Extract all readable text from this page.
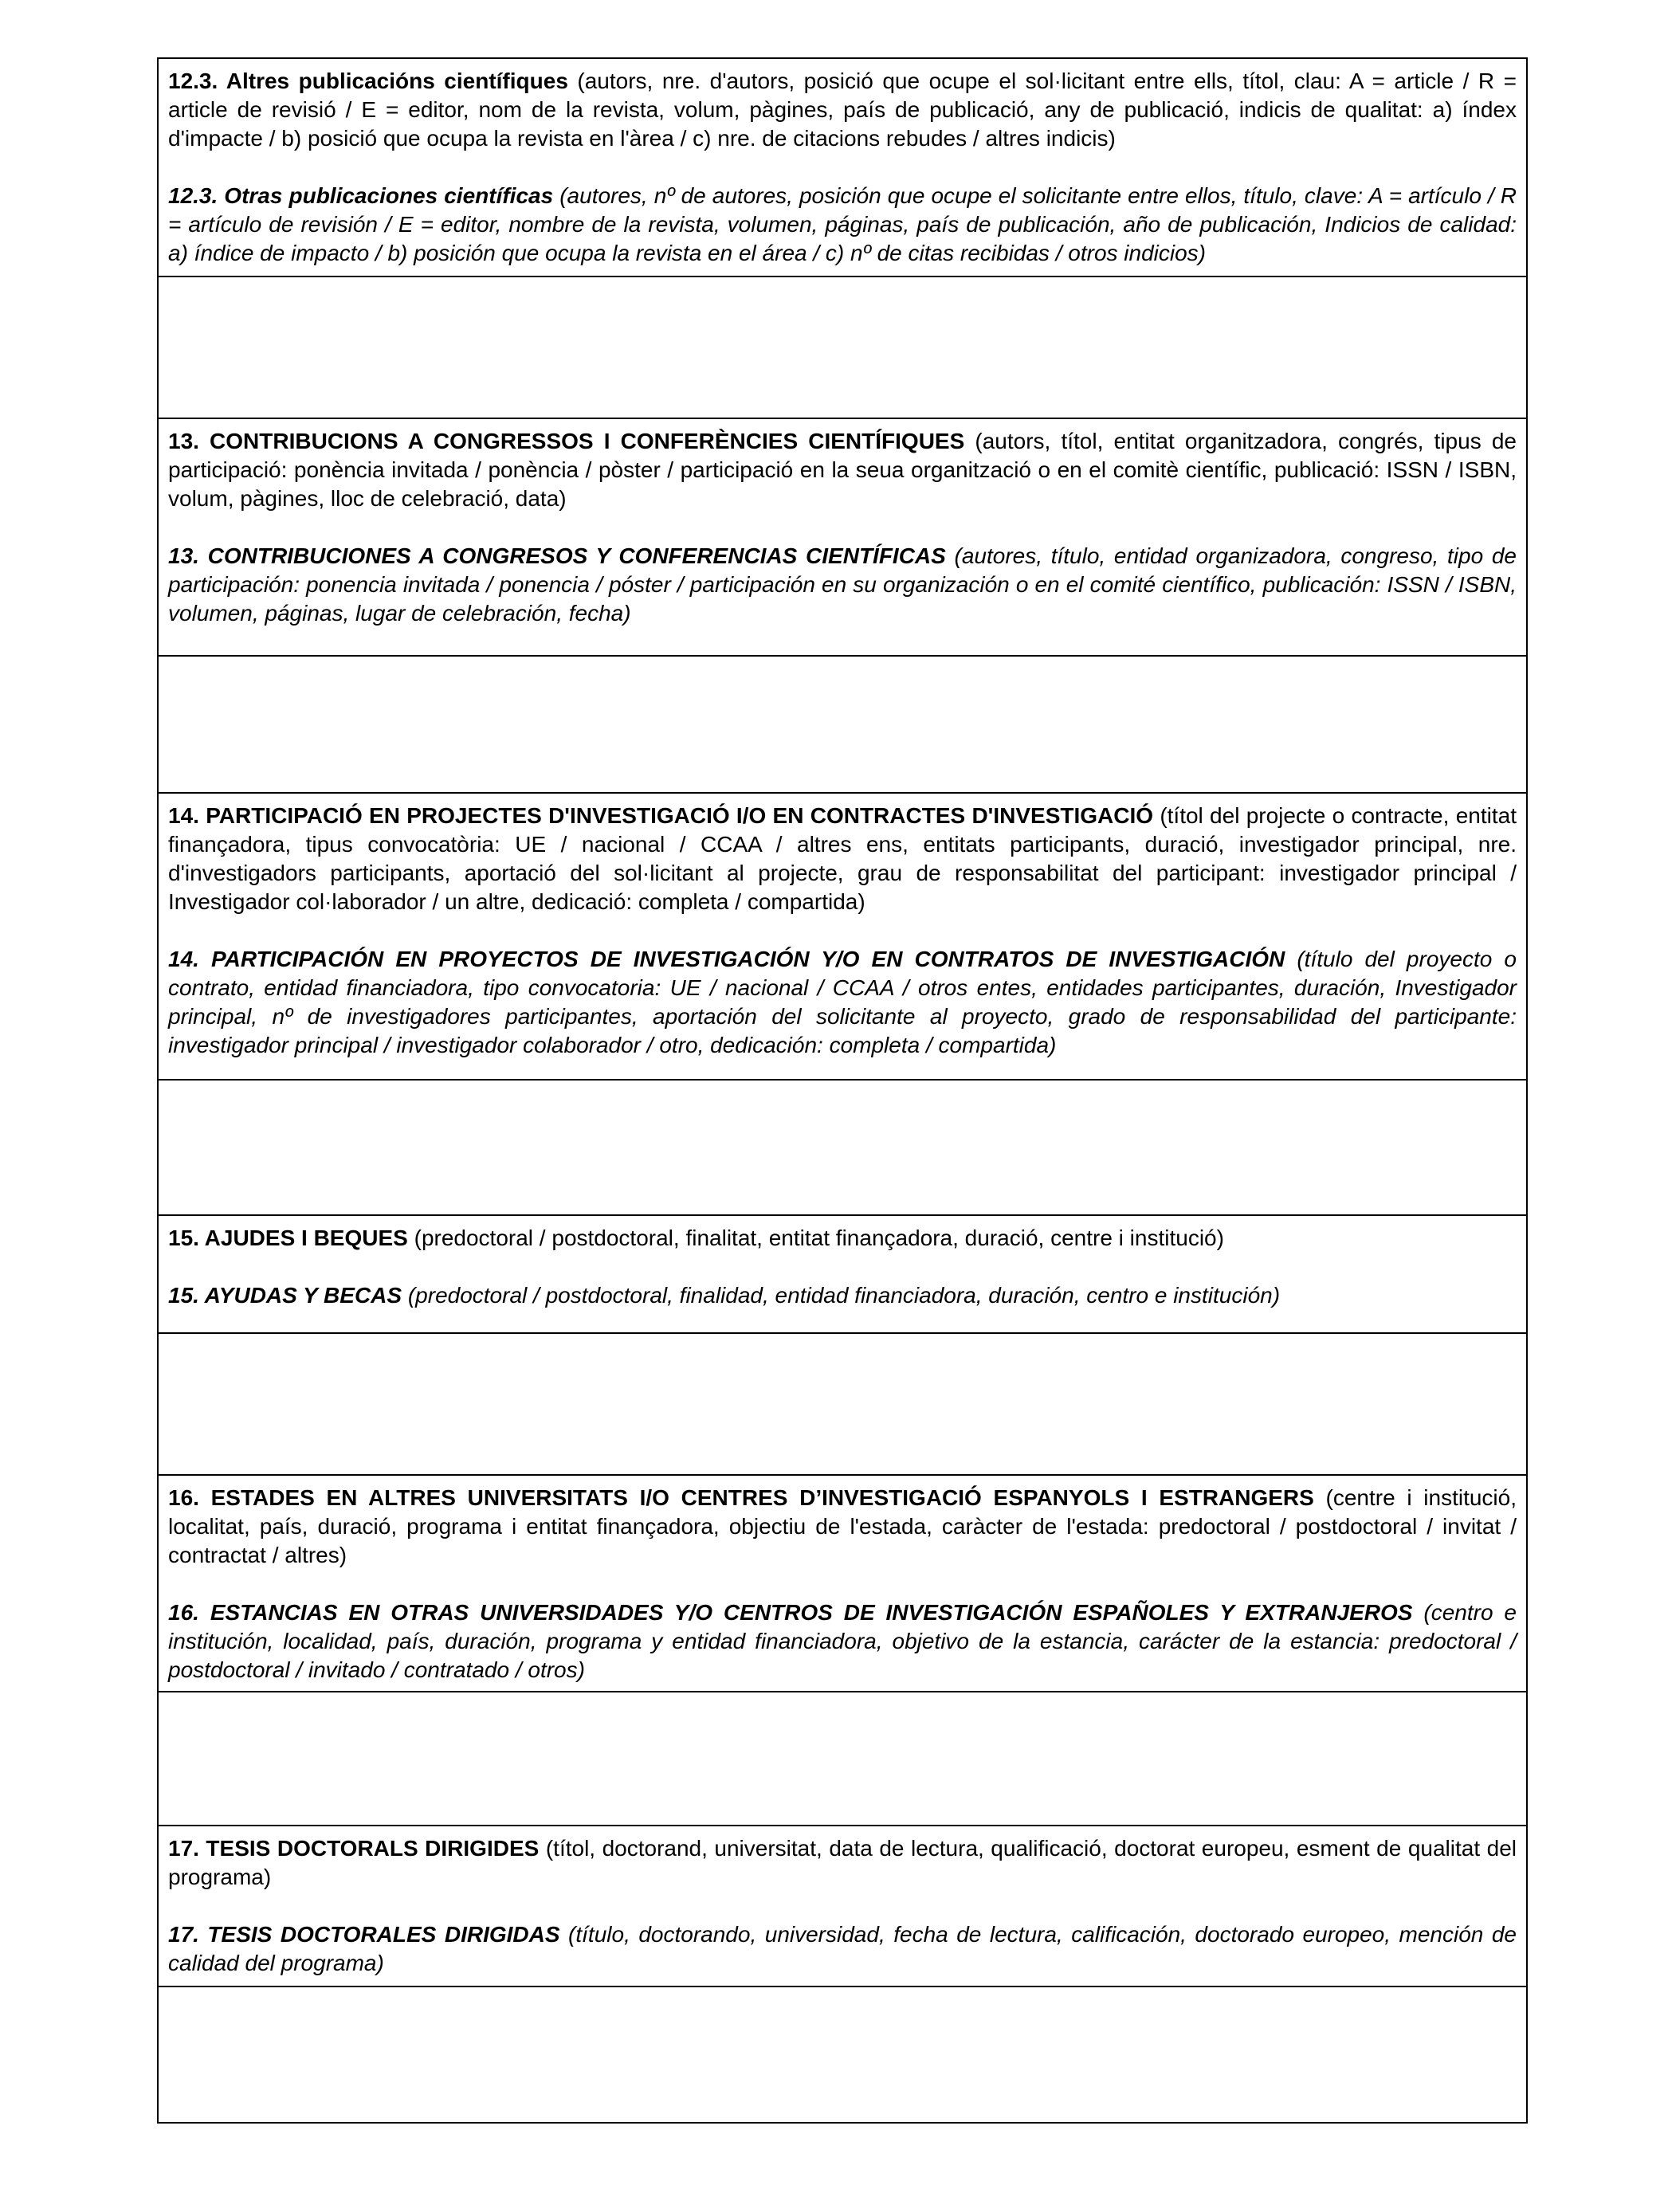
12.3. Altres publicacións científiques (autors, nre. d'autors, posició que ocupe el sol·licitant entre ells, títol, clau: A = article / R = article de revisió / E = editor, nom de la revista, volum, pàgines, país de publicació, any de publicació, indicis de qualitat: a) índex d'impacte / b) posició que ocupa la revista en l'àrea / c) nre. de citacions rebudes / altres indicis)

12.3. Otras publicaciones científicas (autores, nº de autores, posición que ocupe el solicitante entre ellos, título, clave: A = artículo / R = artículo de revisión / E = editor, nombre de la revista, volumen, páginas, país de publicación, año de publicación, Indicios de calidad: a) índice de impacto / b) posición que ocupa la revista en el área / c) nº de citas recibidas / otros indicios)

13. CONTRIBUCIONS A CONGRESSOS I CONFERÈNCIES CIENTÍFIQUES (autors, títol, entitat organitzadora, congrés, tipus de participació: ponència invitada / ponència / pòster / participació en la seua organització o en el comitè científic, publicació: ISSN / ISBN, volum, pàgines, lloc de celebració, data)

13. CONTRIBUCIONES A CONGRESOS Y CONFERENCIAS CIENTÍFICAS (autores, título, entidad organizadora, congreso, tipo de participación: ponencia invitada / ponencia / póster / participación en su organización o en el comité científico, publicación: ISSN / ISBN, volumen, páginas, lugar de celebración, fecha)

14. PARTICIPACIÓ EN PROJECTES D'INVESTIGACIÓ I/O EN CONTRACTES D'INVESTIGACIÓ (títol del projecte o contracte, entitat finançadora, tipus convocatòria: UE / nacional / CCAA / altres ens, entitats participants, duració, investigador principal, nre. d'investigadors participants, aportació del sol·licitant al projecte, grau de responsabilitat del participant: investigador principal / Investigador col·laborador / un altre, dedicació: completa / compartida)

14. PARTICIPACIÓN EN PROYECTOS DE INVESTIGACIÓN Y/O EN CONTRATOS DE INVESTIGACIÓN (título del proyecto o contrato, entidad financiadora, tipo convocatoria: UE / nacional / CCAA / otros entes, entidades participantes, duración, Investigador principal, nº de investigadores participantes, aportación del solicitante al proyecto, grado de responsabilidad del participante: investigador principal / investigador colaborador / otro, dedicación: completa / compartida)

15. AJUDES I BEQUES (predoctoral / postdoctoral, finalitat, entitat finançadora, duració, centre i institució)

15. AYUDAS Y BECAS (predoctoral / postdoctoral, finalidad, entidad financiadora, duración, centro e institución)

16. ESTADES EN ALTRES UNIVERSITATS I/O CENTRES D’INVESTIGACIÓ ESPANYOLS I ESTRANGERS (centre i institució, localitat, país, duració, programa i entitat finançadora, objectiu de l'estada, caràcter de l'estada: predoctoral / postdoctoral / invitat / contractat / altres)

16. ESTANCIAS EN OTRAS UNIVERSIDADES Y/O CENTROS DE INVESTIGACIÓN ESPAÑOLES Y EXTRANJEROS (centro e institución, localidad, país, duración, programa y entidad financiadora, objetivo de la estancia, carácter de la estancia: predoctoral / postdoctoral / invitado / contratado / otros)

17. TESIS DOCTORALS DIRIGIDES (títol, doctorand, universitat, data de lectura, qualificació, doctorat europeu, esment de qualitat del programa)

17. TESIS DOCTORALES DIRIGIDAS (título, doctorando, universidad, fecha de lectura, calificación, doctorado europeo, mención de calidad del programa)
